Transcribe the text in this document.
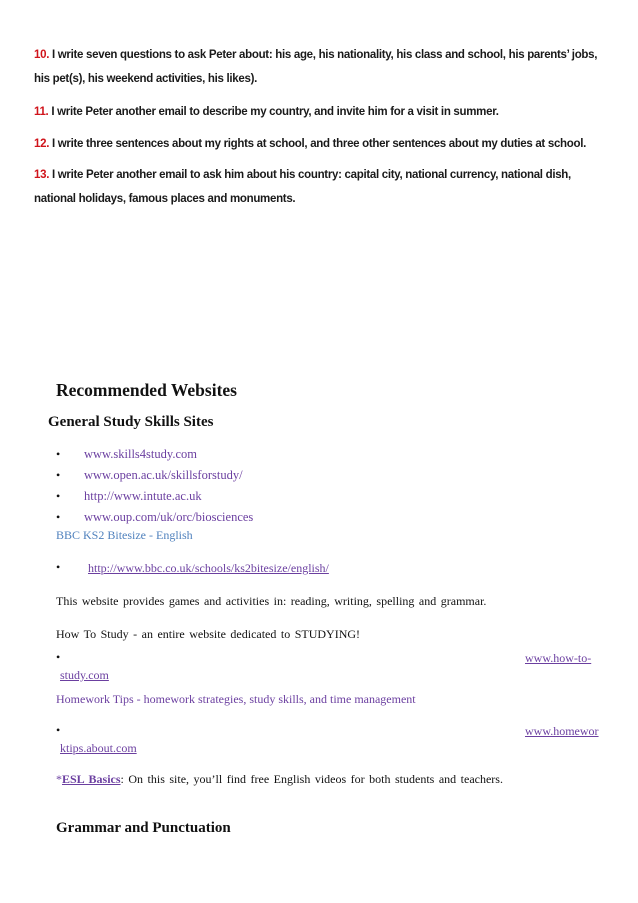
10. I write seven questions to ask Peter about: his age, his nationality, his class and school, his parents’ jobs, his pet(s), his weekend activities, his likes).
11. I write Peter another email to describe my country, and invite him for a visit in summer.
12. I write three sentences about my rights at school, and three other sentences about my duties at school.
13. I write Peter another email to ask him about his country: capital city, national currency, national dish, national holidays, famous places and monuments.
Recommended Websites
General Study Skills Sites
• www.skills4study.com
• www.open.ac.uk/skillsforstudy/
• http://www.intute.ac.uk
• www.oup.com/uk/orc/biosciences
BBC KS2 Bitesize - English
• http://www.bbc.co.uk/schools/ks2bitesize/english/
This website provides games and activities in: reading, writing, spelling and grammar.
How To Study - an entire website dedicated to STUDYING!
•	www.how-to-
study.com
Homework Tips - homework strategies, study skills, and time management
•	www.homewor
ktips.about.com
*ESL Basics: On this site, you’ll find free English videos for both students and teachers.
Grammar and Punctuation
